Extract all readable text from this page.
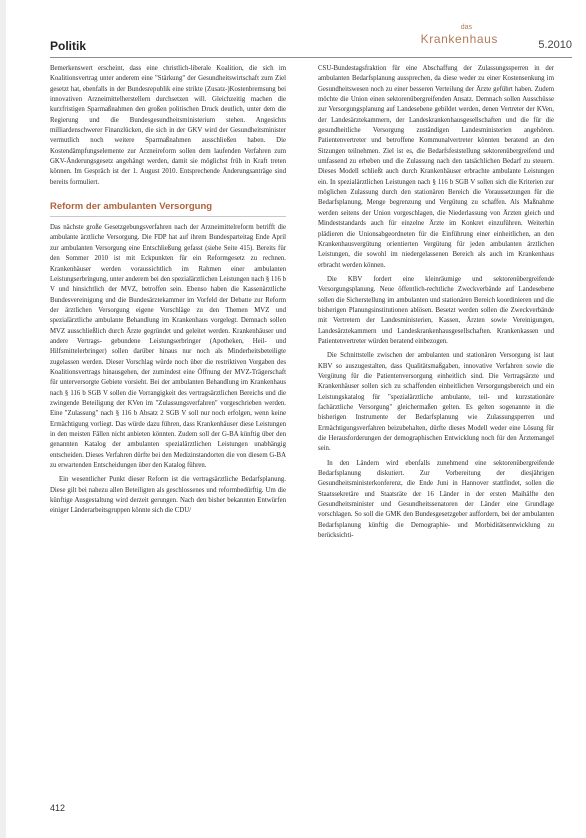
Politik
das
Krankenhaus	5.2010

Bemerkenswert erscheint, dass eine christlich-liberale Koalition, die sich im Koalitionsvertrag unter anderem eine "Stärkung" der Gesundheitswirtschaft zum Ziel gesetzt hat, ebenfalls in der Bundesrepublik eine strikte (Zusatz-)Kostenbremsung bei innovativen Arzneimittelherstellern durchsetzen will. Gleichzeitig machen die kurzfristigen Sparmaßnahmen den großen politischen Druck deutlich, unter dem die Regierung und die Bundesgesundheitsministerium stehen. Angesichts milliardenschwerer Finanzlücken, die sich in der GKV wird der Gesundheitsminister vermutlich noch weitere Sparmaßnahmen ausschließen haben. Die Kostendämpfungselemente zur Arzneireform sollen dem laufenden Verfahren zum GKV-Änderungsgesetz angehängt werden, damit sie möglichst früh in Kraft treten können. Im Gespräch ist der 1. August 2010. Entsprechende Änderungsanträge sind bereits formuliert.

Reform der ambulanten Versorgung

Das nächste große Gesetzgebungsverfahren nach der Arzneimittelreform betrifft die ambulante ärztliche Versorgung. Die FDP hat auf ihrem Bundesparteitag Ende April zur ambulanten Versorgung eine Entschließung gefasst (siehe Seite 415). Bereits für den Sommer 2010 ist mit Eckpunkten für ein Reformgesetz zu rechnen. Krankenhäuser werden voraussichtlich im Rahmen einer ambulanten Leistungserbringung, unter anderem bei den spezialärztlichen Leistungen nach § 116 b V und hinsichtlich der MVZ, betroffen sein. Ebenso haben die Kassenärztliche Bundesvereinigung und die Bundesärztekammer im Vorfeld der Debatte zur Reform der ärztlichen Versorgung eigene Vorschläge zu den Themen MVZ und spezialärztliche ambulante Behandlung im Krankenhaus vorgelegt. Demnach sollen MVZ ausschließlich durch Ärzte gegründet und geleitet werden. Krankenhäuser und andere Vertrags- gebundene Leistungserbringer (Apotheken, Heil- und Hilfsmittelerbringer) sollen darüber hinaus nur noch als Minderheitsbeteiligte zugelassen werden. Dieser Vorschlag würde noch über die restriktiven Vorgaben des Koalitionsvertrags hinausgehen, der zumindest eine Öffnung der MVZ-Trägerschaft für unterversorgte Gebiete vorsieht. Bei der ambulanten Behandlung im Krankenhaus nach § 116 b SGB V sollen die Vorrangigkeit des vertragsärztlichen Bereichs und die zwingende Beteiligung der KVen im "Zulassungsverfahren" vorgeschrieben werden. Eine "Zulassung" nach § 116 b Absatz 2 SGB V soll nur noch erfolgen, wenn keine Ermächtigung vorliegt. Das würde dazu führen, dass Krankenhäuser diese Leistungen in den meisten Fällen nicht anbieten könnten. Zudem soll der G-BA künftig über den genannten Katalog der ambulanten spezialärztlichen Leistungen unabhängig entscheiden. Dieses Verfahren dürfte bei den Medizinstandorten die von diesem G-BA zu erwartenden Entscheidungen über den Katalog führen.

Ein wesentlicher Punkt dieser Reform ist die vertragsärztliche Bedarfsplanung. Diese gilt bei nahezu allen Beteiligten als geschlossenes und reformbedürftig. Um die künftige Ausgestaltung wird derzeit gerungen. Nach den bisher bekannten Entwürfen einiger Länderarbeitsgruppen könnte sich die CDU/

CSU-Bundestagsfraktion für eine Abschaffung der Zulassungssperren in der ambulanten Bedarfsplanung aussprechen, da diese weder zu einer Kostensenkung im Gesundheitswesen noch zu einer besseren Verteilung der Ärzte geführt haben. Zudem möchte die Union einen sektorenübergreifenden Ansatz. Demnach sollen Ausschüsse zur Versorgungsplanung auf Landesebene gebildet werden, denen Vertreter der KVen, der Landesärztekammern, der Landeskrankenhausgesellschaften und die für die gesundheitliche Versorgung zuständigen Landesministerien angehören. Patientenvertreter und betroffene Kommunalvertreter könnten beratend an den Sitzungen teilnehmen. Ziel ist es, die Bedarfsfeststellung sektorenübergreifend und umfassend zu erheben und die Zulassung nach den tatsächlichen Bedarf zu steuern. Dieses Modell schließt auch durch Krankenhäuser erbrachte ambulante Leistungen ein. In spezialärztlichen Leistungen nach § 116 b SGB V sollen sich die Kriterien zur möglichen Zulassung durch den stationären Bereich die Voraussetzungen für die Bedarfsplanung, Menge begrenzung und Vergütung zu schaffen. Als Maßnahme werden seitens der Union vorgeschlagen, die Niederlassung von Ärzten gleich und Mindeststandards auch für einzelne Ärzte im Konkret einzuführen. Weiterhin plädieren die Unionsabgeordneten für die Einführung einer einheitlichen, an den Krankenhausvergütung orientierten Vergütung für jeden ambulanten ärztlichen Leistungen, die sowohl im niedergelassenen Bereich als auch im Krankenhaus erbracht werden können.

Die KBV fordert eine kleinräumige und sektorenübergreifende Versorgungsplanung. Neue öffentlich-rechtliche Zweckverbände auf Landesebene sollen die Sicherstellung im ambulanten und stationären Bereich koordinieren und die bisherigen Planungsinstitutionen ablösen. Besetzt werden sollen die Zweckverbände mit Vertretern der Landesministerien, Kassen, Ärzten sowie Vereinigungen, Landesärztekammern und Landeskrankenhausgesellschaften. Krankenkassen und Patientenvertreter würden beratend einbezogen.

Die Schnittstelle zwischen der ambulanten und stationären Versorgung ist laut KBV so auszugestalten, dass Qualitätsmaßgaben, innovative Verfahren sowie die Vergütung für die Patientenversorgung einheitlich sind. Die Vertragsärzte und Krankenhäuser sollen sich zu schaffenden einheitlichen Versorgungsbereich und ein Leistungskatalog für "spezialärztliche ambulante, teil- und kurzstationäre fachärztliche Versorgung" gleichermaßen gelten. Es gelten sogenannte in die bisherigen Instrumente der Bedarfsplanung wie Zulassungsperren und Ermächtigungsverfahren beizubehalten, dürfte dieses Modell weder eine Lösung für die Herausforderungen der demographischen Entwicklung noch für den Ärztemangel sein.

In den Ländern wird ebenfalls zunehmend eine sektorenübergreifende Bedarfsplanung diskutiert. Zur Vorbereitung der diesjährigen Gesundheitsministerkonferenz, die Ende Juni in Hannover stattfindet, sollen die Staatssekretäre und Staatsräte der 16 Länder in der ersten Maihälfte den Gesundheitsminister und Gesundheitssenatoren der Länder eine Grundlage vorschlagen. So soll die GMK den Bundesgesetzgeber auffordern, bei der ambulanten Bedarfsplanung künftig die Demographie- und Morbiditätsentwicklung zu berücksichti-

412
